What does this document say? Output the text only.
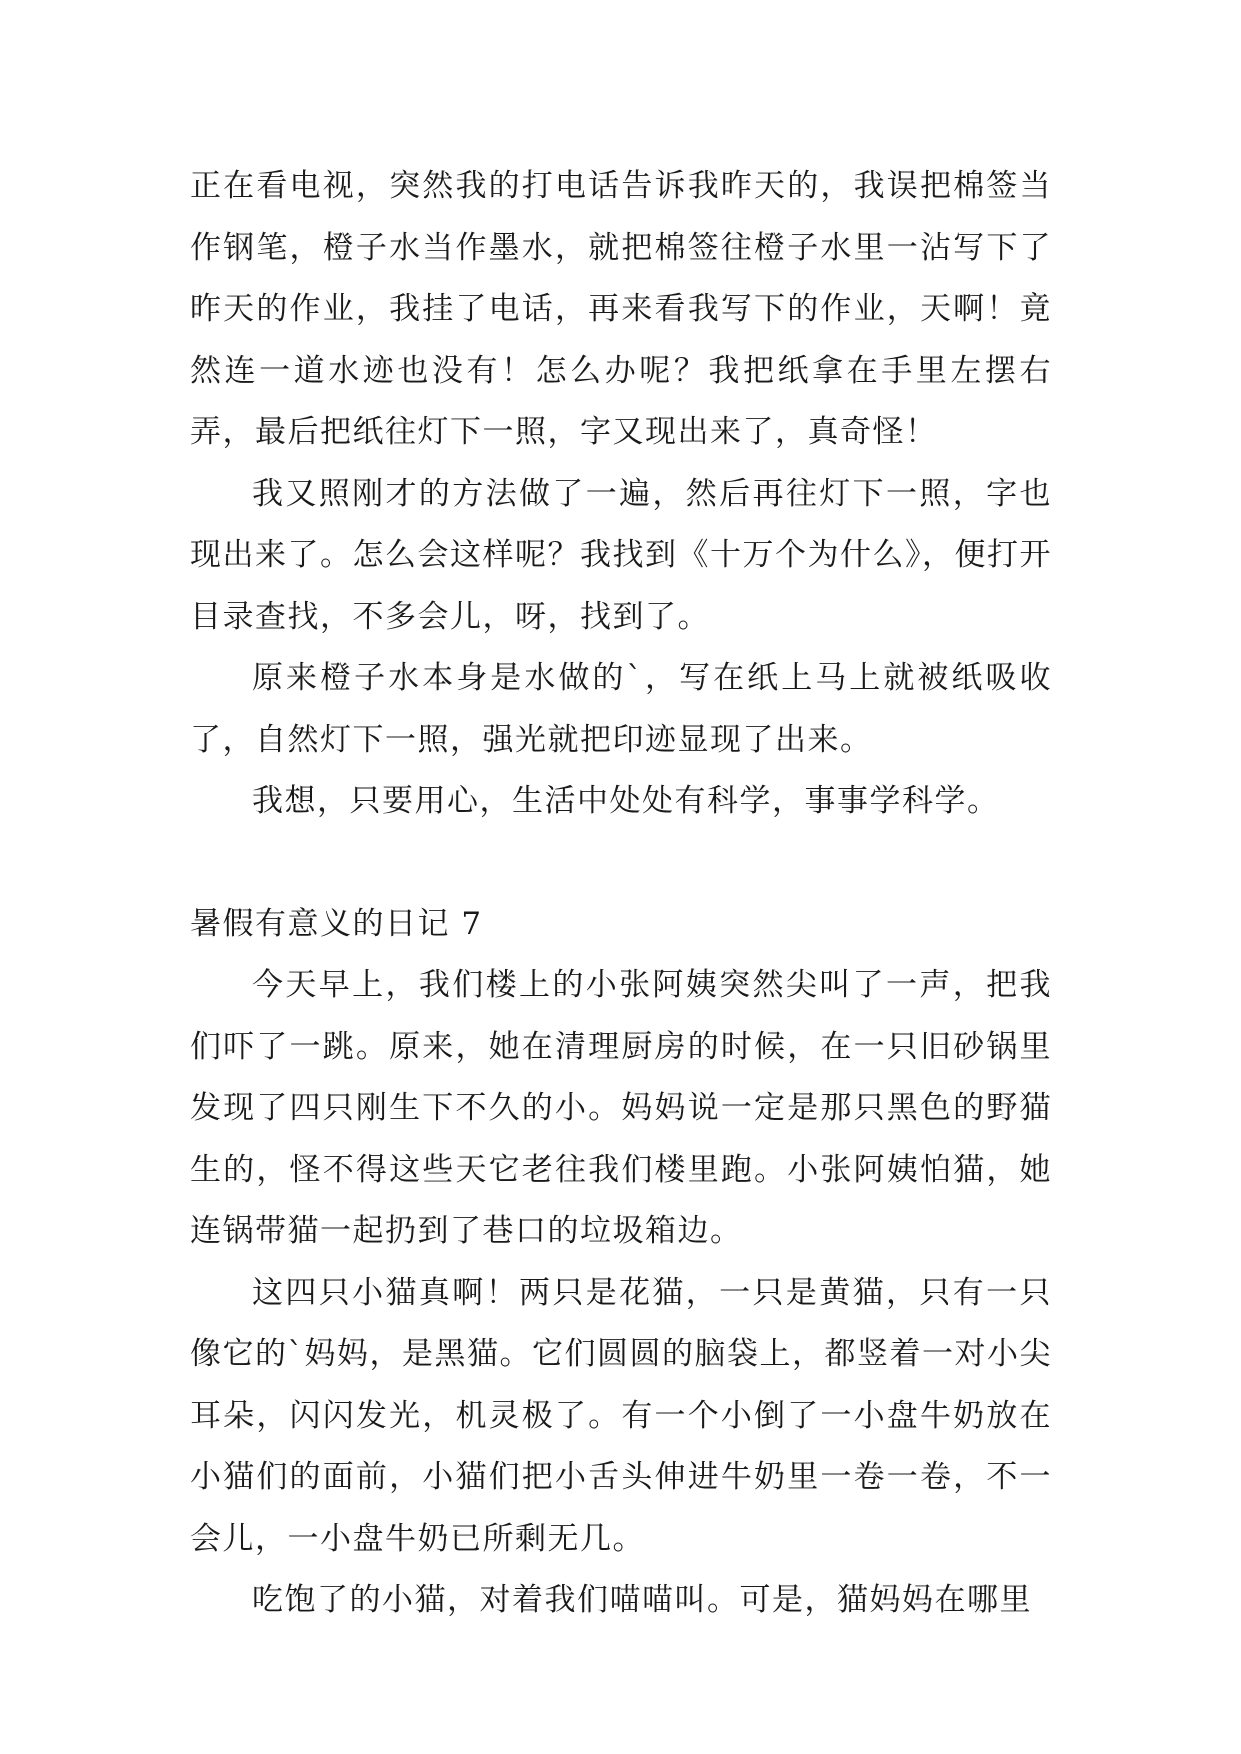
正在看电视，突然我的打电话告诉我昨天的，我误把棉签当作钢笔，橙子水当作墨水，就把棉签往橙子水里一沾写下了昨天的作业，我挂了电话，再来看我写下的作业，天啊！竟然连一道水迹也没有！怎么办呢？我把纸拿在手里左摆右弄，最后把纸往灯下一照，字又现出来了，真奇怪！

我又照刚才的方法做了一遍，然后再往灯下一照，字也现出来了。怎么会这样呢？我找到《十万个为什么》，便打开目录查找，不多会儿，呀，找到了。

原来橙子水本身是水做的`，写在纸上马上就被纸吸收了，自然灯下一照，强光就把印迹显现了出来。

我想，只要用心，生活中处处有科学，事事学科学。

暑假有意义的日记 7

今天早上，我们楼上的小张阿姨突然尖叫了一声，把我们吓了一跳。原来，她在清理厨房的时候，在一只旧砂锅里发现了四只刚生下不久的小。妈妈说一定是那只黑色的野猫生的，怪不得这些天它老往我们楼里跑。小张阿姨怕猫，她连锅带猫一起扔到了巷口的垃圾箱边。

这四只小猫真啊！两只是花猫，一只是黄猫，只有一只像它的`妈妈，是黑猫。它们圆圆的脑袋上，都竖着一对小尖耳朵，闪闪发光，机灵极了。有一个小倒了一小盘牛奶放在小猫们的面前，小猫们把小舌头伸进牛奶里一卷一卷，不一会儿，一小盘牛奶已所剩无几。

吃饱了的小猫，对着我们喵喵叫。可是，猫妈妈在哪里
